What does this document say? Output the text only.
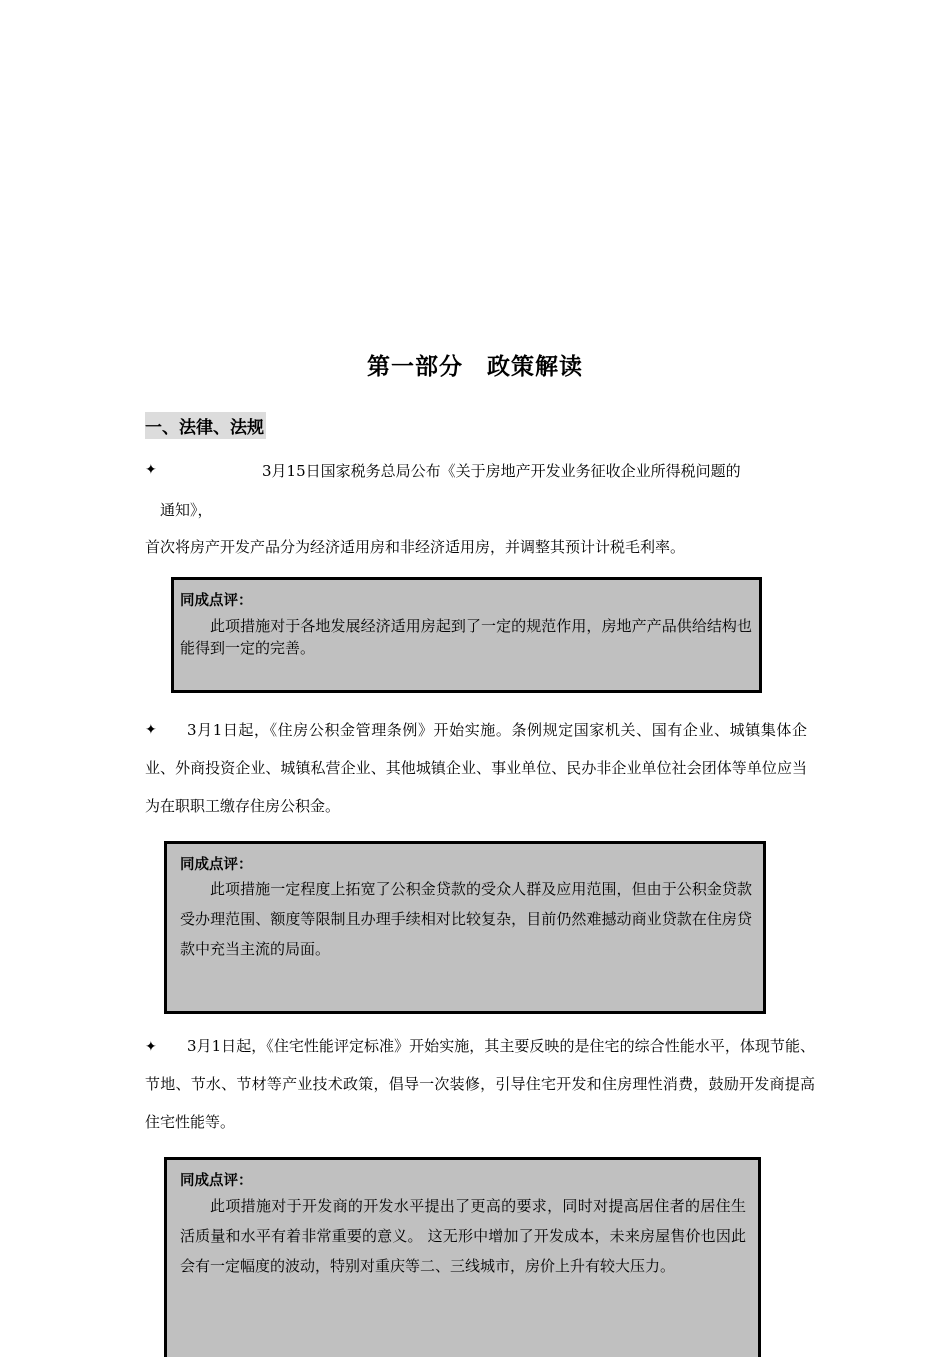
第一部分　政策解读
一、法律、法规
✦	3月15日国家税务总局公布《关于房地产开发业务征收企业所得税问题的
通知》，
首次将房产开发产品分为经济适用房和非经济适用房，并调整其预计计税毛利率。
同成点评：
此项措施对于各地发展经济适用房起到了一定的规范作用，房地产产品供给结构也能得到一定的完善。
✦	3月1日起，《住房公积金管理条例》开始实施。条例规定国家机关、国有企业、城镇集体企业、外商投资企业、城镇私营企业、其他城镇企业、事业单位、民办非企业单位社会团体等单位应当为在职职工缴存住房公积金。
同成点评：
此项措施一定程度上拓宽了公积金贷款的受众人群及应用范围，但由于公积金贷款受办理范围、额度等限制且办理手续相对比较复杂，目前仍然难撼动商业贷款在住房贷款中充当主流的局面。
✦	3月1日起，《住宅性能评定标准》开始实施，其主要反映的是住宅的综合性能水平，体现节能、节地、节水、节材等产业技术政策，倡导一次装修，引导住宅开发和住房理性消费，鼓励开发商提高住宅性能等。
同成点评：
此项措施对于开发商的开发水平提出了更高的要求，同时对提高居住者的居住生活质量和水平有着非常重要的意义。 这无形中增加了开发成本，未来房屋售价也因此会有一定幅度的波动，特别对重庆等二、三线城市，房价上升有较大压力。
